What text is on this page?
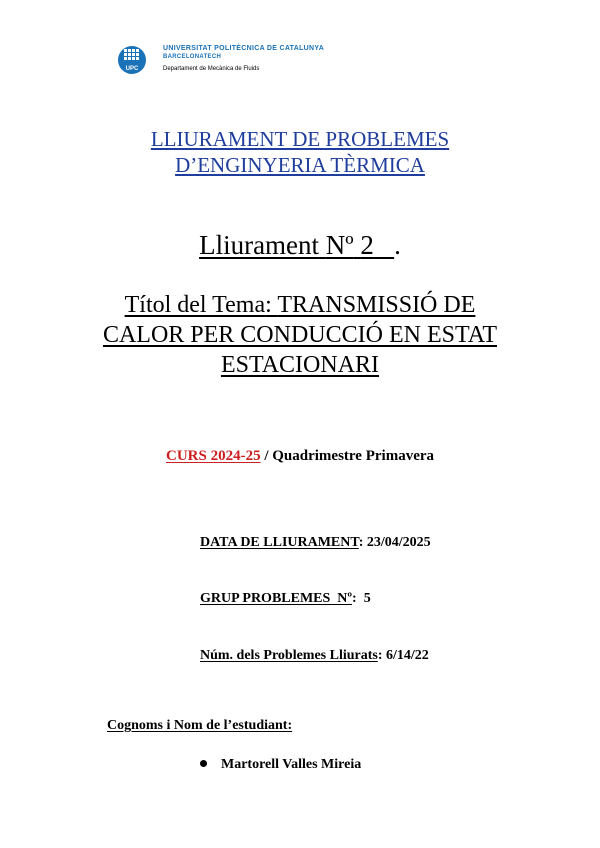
UPC
UNIVERSITAT POLITÈCNICA DE CATALUNYA
BARCELONATECH
Departament de Mecànica de Fluids
LLIURAMENT DE PROBLEMES
D’ENGINYERIA TÈRMICA
Lliurament Nº 2 .
Títol del Tema: TRANSMISSIÓ DE
CALOR PER CONDUCCIÓ EN ESTAT
ESTACIONARI
CURS 2024-25 / Quadrimestre Primavera
DATA DE LLIURAMENT: 23/04/2025
GRUP PROBLEMES  Nº:  5
Núm. dels Problemes Lliurats: 6/14/22
Cognoms i Nom de l’estudiant:
Martorell Valles Mireia
